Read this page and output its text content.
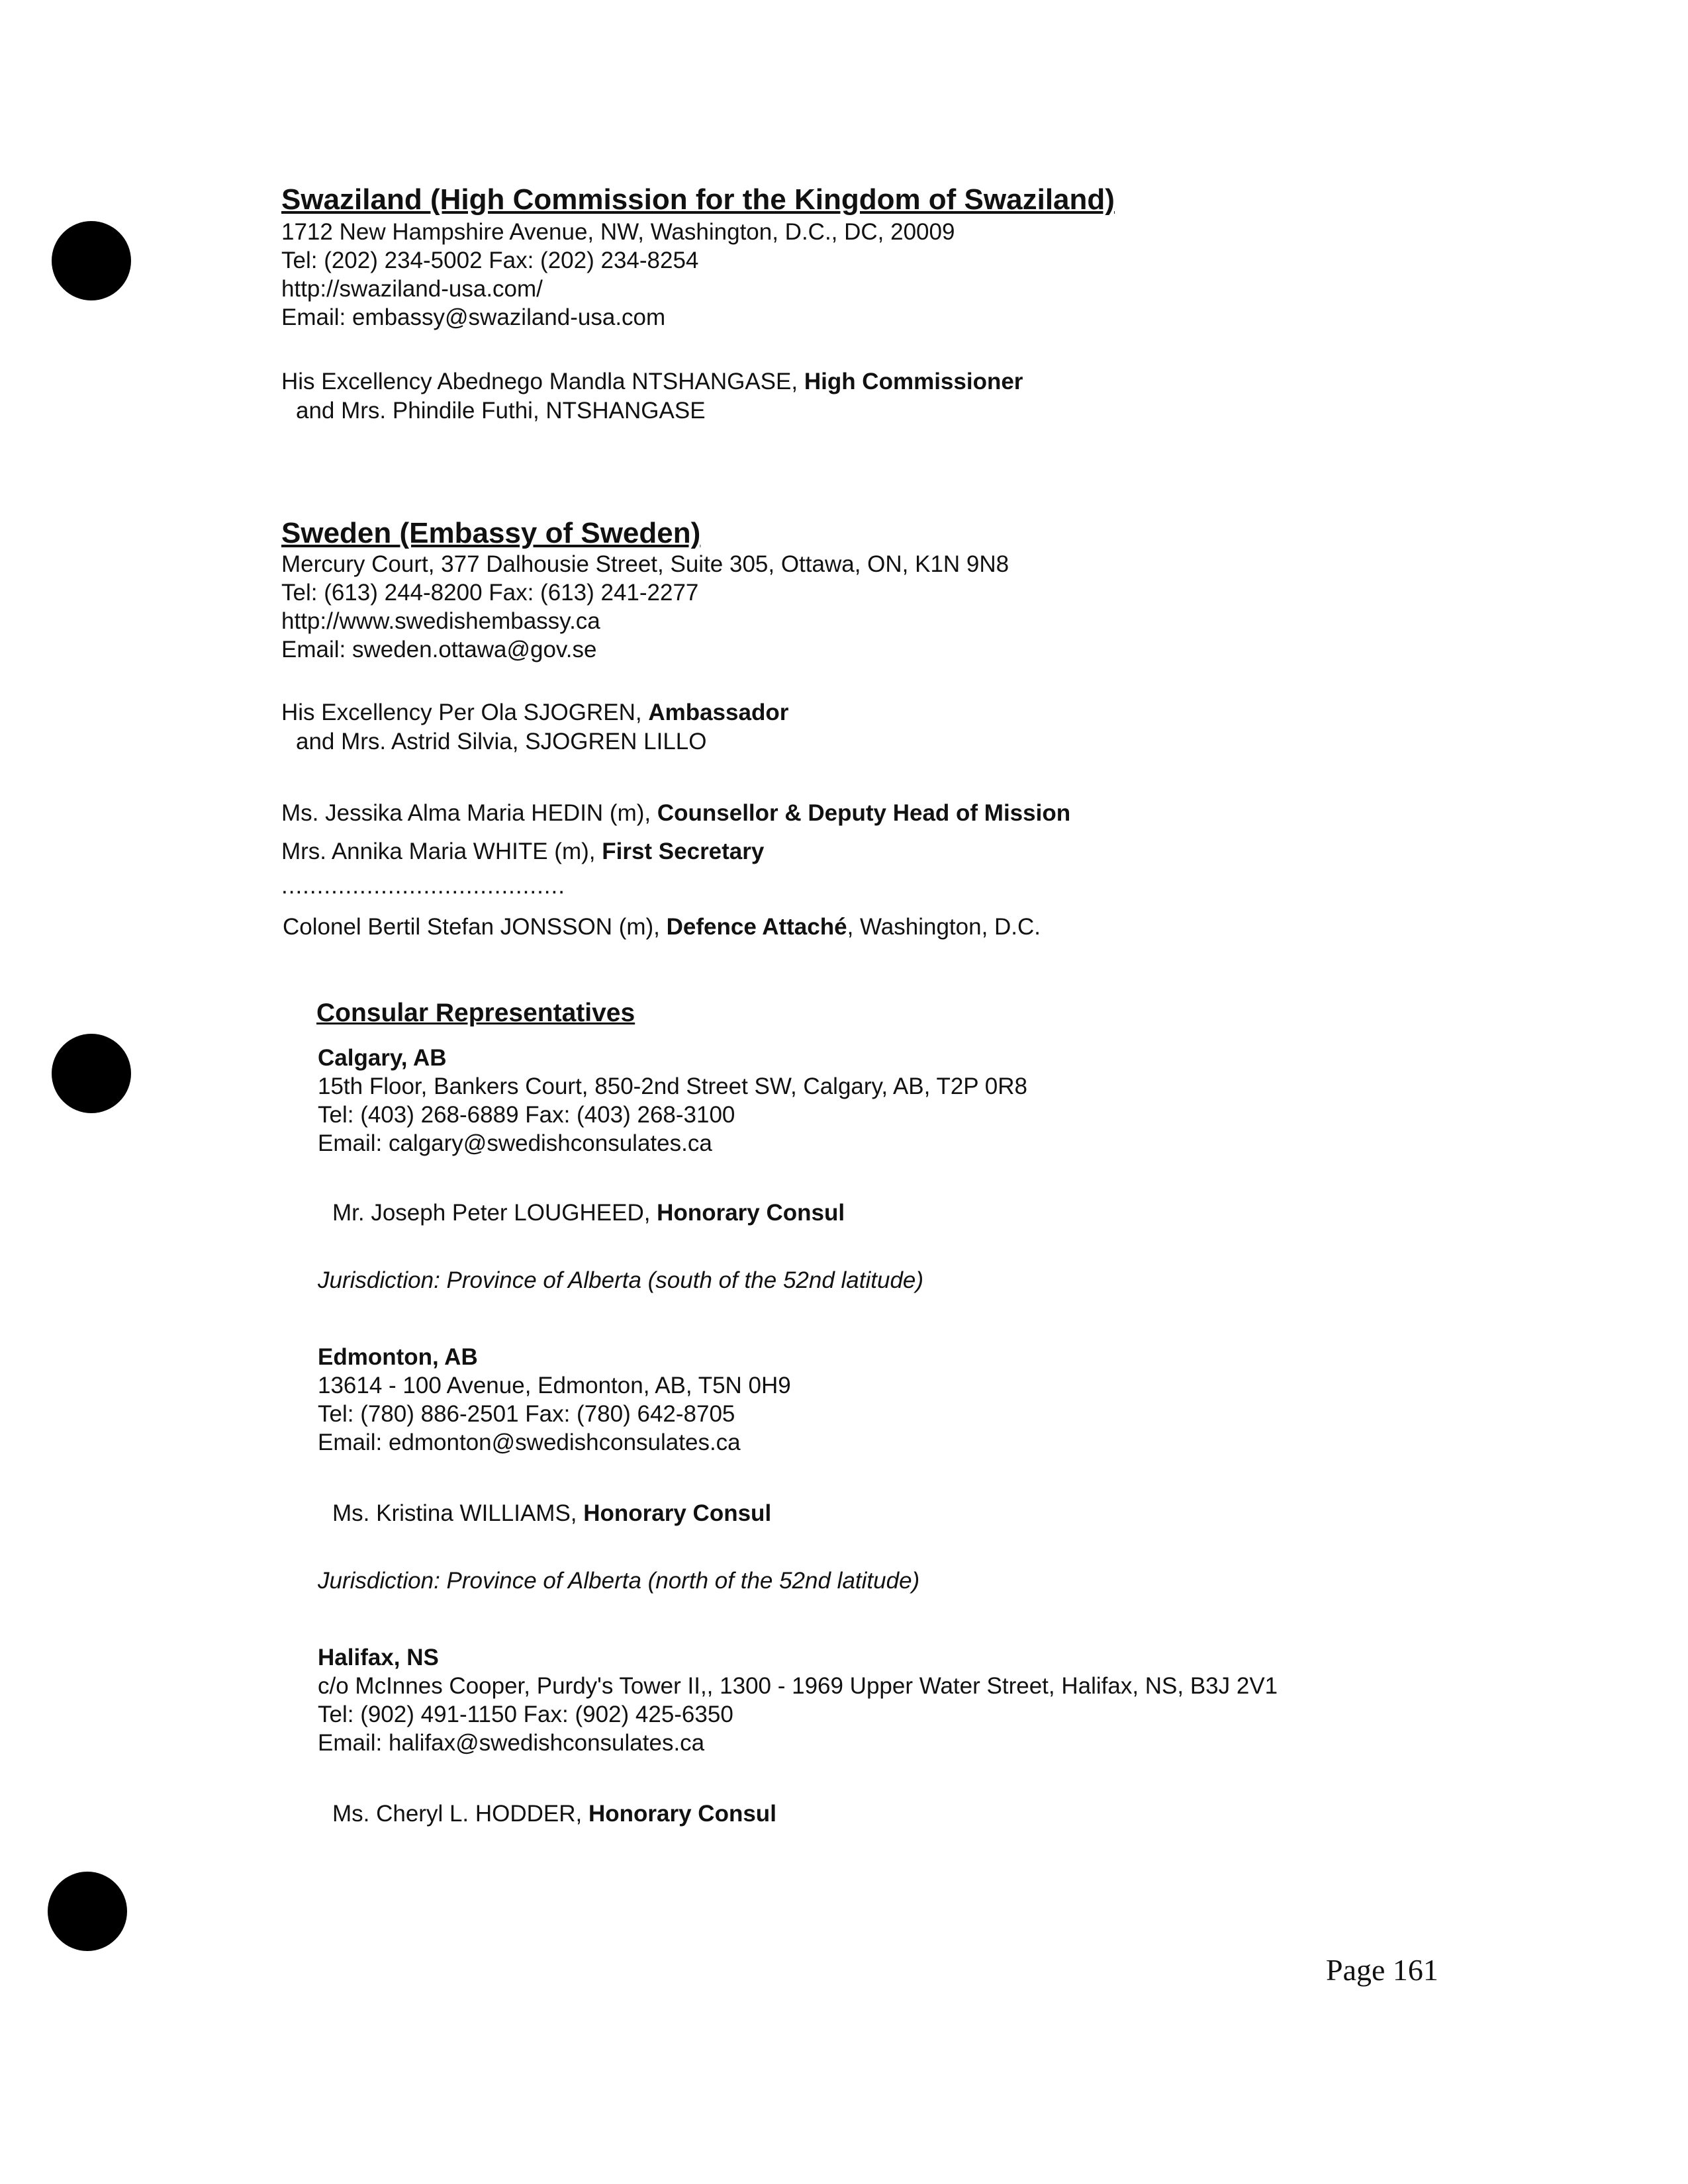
Swaziland (High Commission for the Kingdom of Swaziland)
1712 New Hampshire Avenue, NW, Washington, D.C., DC, 20009
Tel: (202) 234-5002 Fax: (202) 234-8254
http://swaziland-usa.com/
Email: embassy@swaziland-usa.com
His Excellency Abednego Mandla NTSHANGASE, High Commissioner
and Mrs. Phindile Futhi, NTSHANGASE
Sweden (Embassy of Sweden)
Mercury Court, 377 Dalhousie Street, Suite 305, Ottawa, ON, K1N 9N8
Tel: (613) 244-8200 Fax: (613) 241-2277
http://www.swedishembassy.ca
Email: sweden.ottawa@gov.se
His Excellency Per Ola SJOGREN, Ambassador
and Mrs. Astrid Silvia, SJOGREN LILLO
Ms. Jessika Alma Maria HEDIN (m), Counsellor & Deputy Head of Mission
Mrs. Annika Maria WHITE (m), First Secretary
........................................
Colonel Bertil Stefan JONSSON (m), Defence Attaché, Washington, D.C.
Consular Representatives
Calgary, AB
15th Floor, Bankers Court, 850-2nd Street SW, Calgary, AB, T2P 0R8
Tel: (403) 268-6889 Fax: (403) 268-3100
Email: calgary@swedishconsulates.ca
Mr. Joseph Peter LOUGHEED, Honorary Consul
Jurisdiction: Province of Alberta (south of the 52nd latitude)
Edmonton, AB
13614 - 100 Avenue, Edmonton, AB, T5N 0H9
Tel: (780) 886-2501 Fax: (780) 642-8705
Email: edmonton@swedishconsulates.ca
Ms. Kristina WILLIAMS, Honorary Consul
Jurisdiction: Province of Alberta (north of the 52nd latitude)
Halifax, NS
c/o McInnes Cooper, Purdy's Tower II,, 1300 - 1969 Upper Water Street, Halifax, NS, B3J 2V1
Tel: (902) 491-1150 Fax: (902) 425-6350
Email: halifax@swedishconsulates.ca
Ms. Cheryl L. HODDER, Honorary Consul
Page 161
